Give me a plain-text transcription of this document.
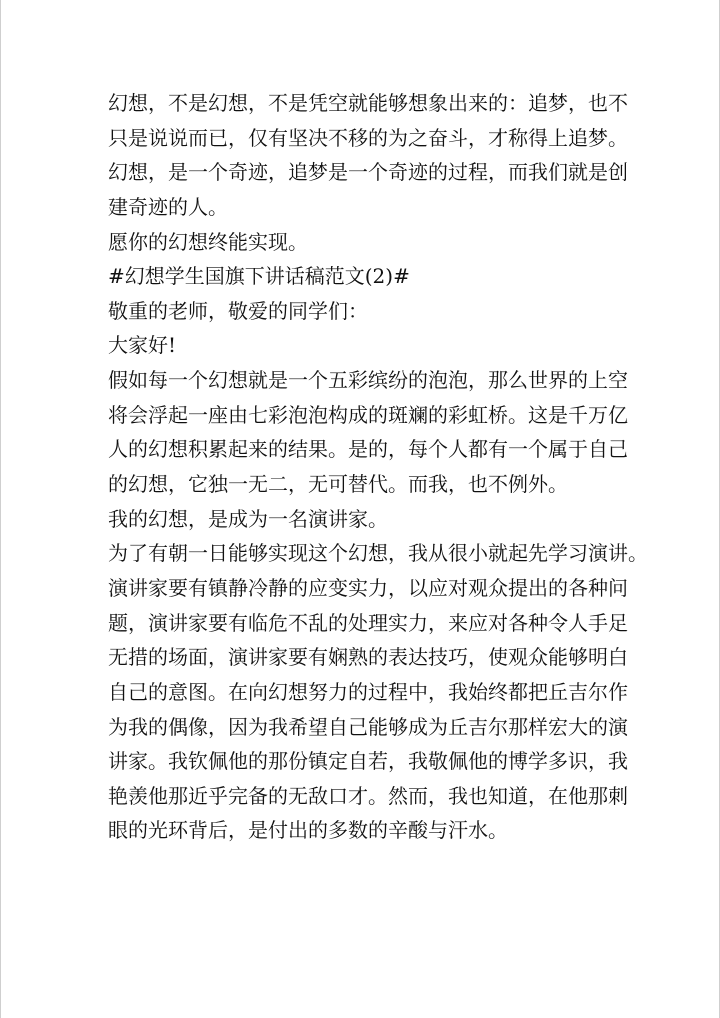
幻想，不是幻想，不是凭空就能够想象出来的：追梦，也不
只是说说而已，仅有坚决不移的为之奋斗，才称得上追梦。
幻想，是一个奇迹，追梦是一个奇迹的过程，而我们就是创
建奇迹的人。
愿你的幻想终能实现。
#幻想学生国旗下讲话稿范文(2)#
敬重的老师，敬爱的同学们：
大家好!
假如每一个幻想就是一个五彩缤纷的泡泡，那么世界的上空
将会浮起一座由七彩泡泡构成的斑斓的彩虹桥。这是千万亿
人的幻想积累起来的结果。是的，每个人都有一个属于自己
的幻想，它独一无二，无可替代。而我，也不例外。
我的幻想，是成为一名演讲家。
为了有朝一日能够实现这个幻想，我从很小就起先学习演讲。
演讲家要有镇静冷静的应变实力，以应对观众提出的各种问
题，演讲家要有临危不乱的处理实力，来应对各种令人手足
无措的场面，演讲家要有娴熟的表达技巧，使观众能够明白
自己的意图。在向幻想努力的过程中，我始终都把丘吉尔作
为我的偶像，因为我希望自己能够成为丘吉尔那样宏大的演
讲家。我钦佩他的那份镇定自若，我敬佩他的博学多识，我
艳羡他那近乎完备的无敌口才。然而，我也知道，在他那刺
眼的光环背后，是付出的多数的辛酸与汗水。
